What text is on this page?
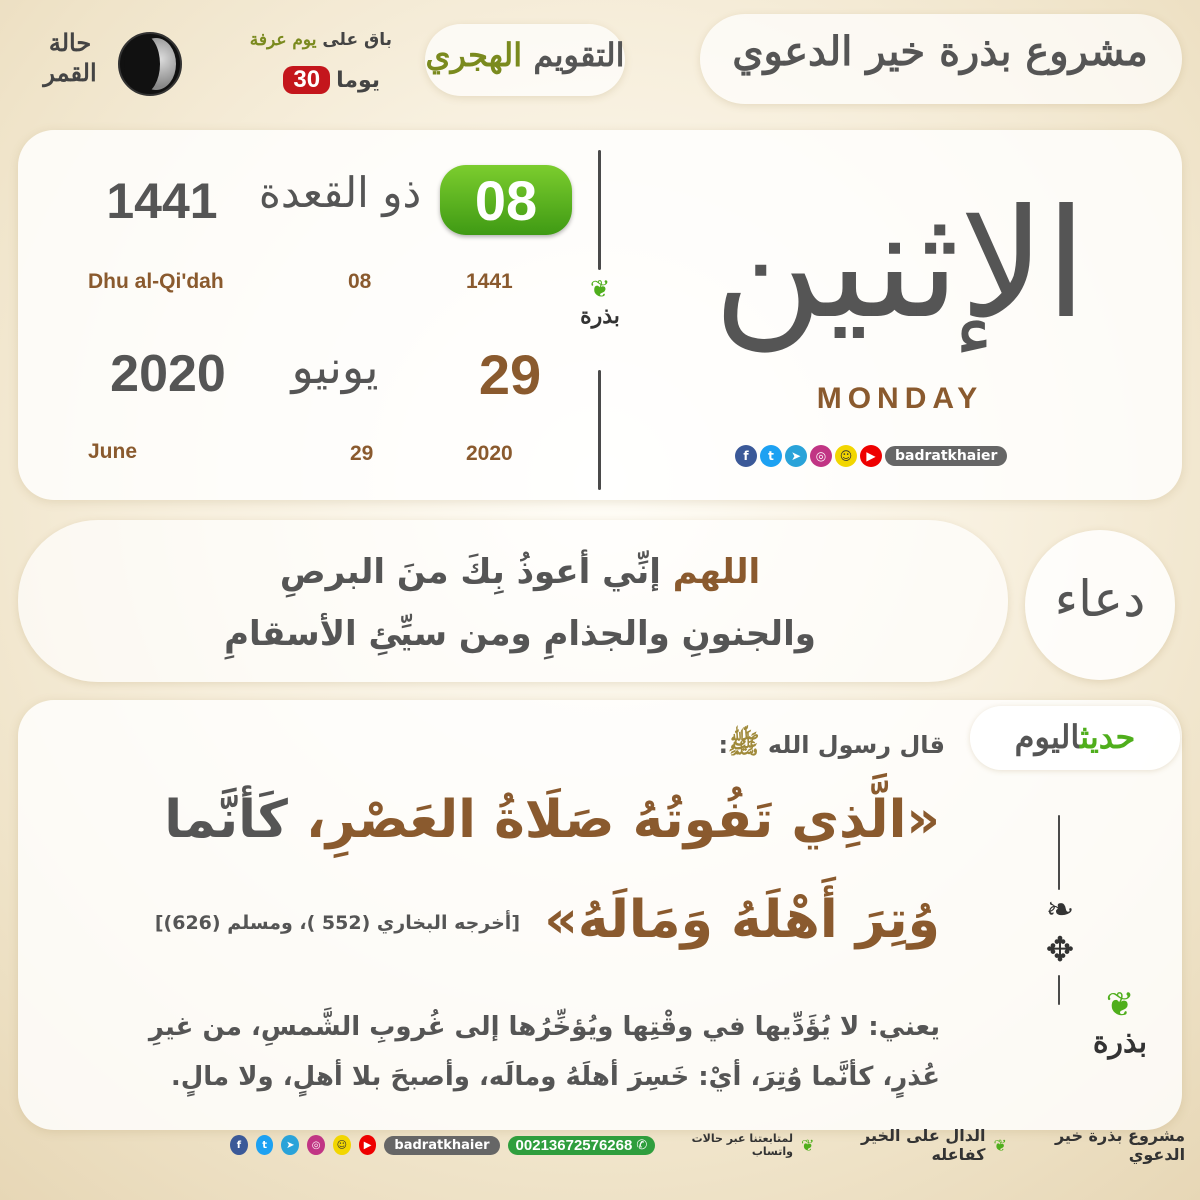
مشروع بذرة خير الدعوي
التقويم الهجري
باق على يوم عرفة
يوما
30
حالة
القمر
الإثنين
MONDAY
f	t	➤	◎	☺	▶	badratkhaier
❦
بذرة
08
ذو القعدة
1441
Dhu al-Qi'dah	08	1441
29
يونيو
2020
June	29	2020
دعاء
اللهم إنِّي أعوذُ بِكَ منَ البرصِ
والجنونِ والجذامِ ومن سيِّئِ الأسقامِ
حديثاليوم
قال رسول الله ﷺ:
«الَّذِي تَفُوتُهُ صَلَاةُ العَصْرِ، كَأنَّما
وُتِرَ أَهْلَهُ وَمَالَهُ»
[أخرجه البخاري (552 )، ومسلم (626)]
يعني: لا يُؤَدِّيها في وقْتِها ويُؤخِّرُها إلى غُروبِ الشَّمسِ، من غيرِ
عُذرٍ، كأنَّما وُتِرَ، أيْ: خَسِرَ أهلَهُ ومالَه، وأصبحَ بلا أهلٍ، ولا مالٍ.
❧
✥
❦
بذرة
مشروع بذرة خير الدعوي
❦
الدال على الخير كفاعله
❦
لمتابعتنا عبر حالات واتساب
00213672576268 ✆
badratkhaier
▶
☺
◎
➤
t
f
